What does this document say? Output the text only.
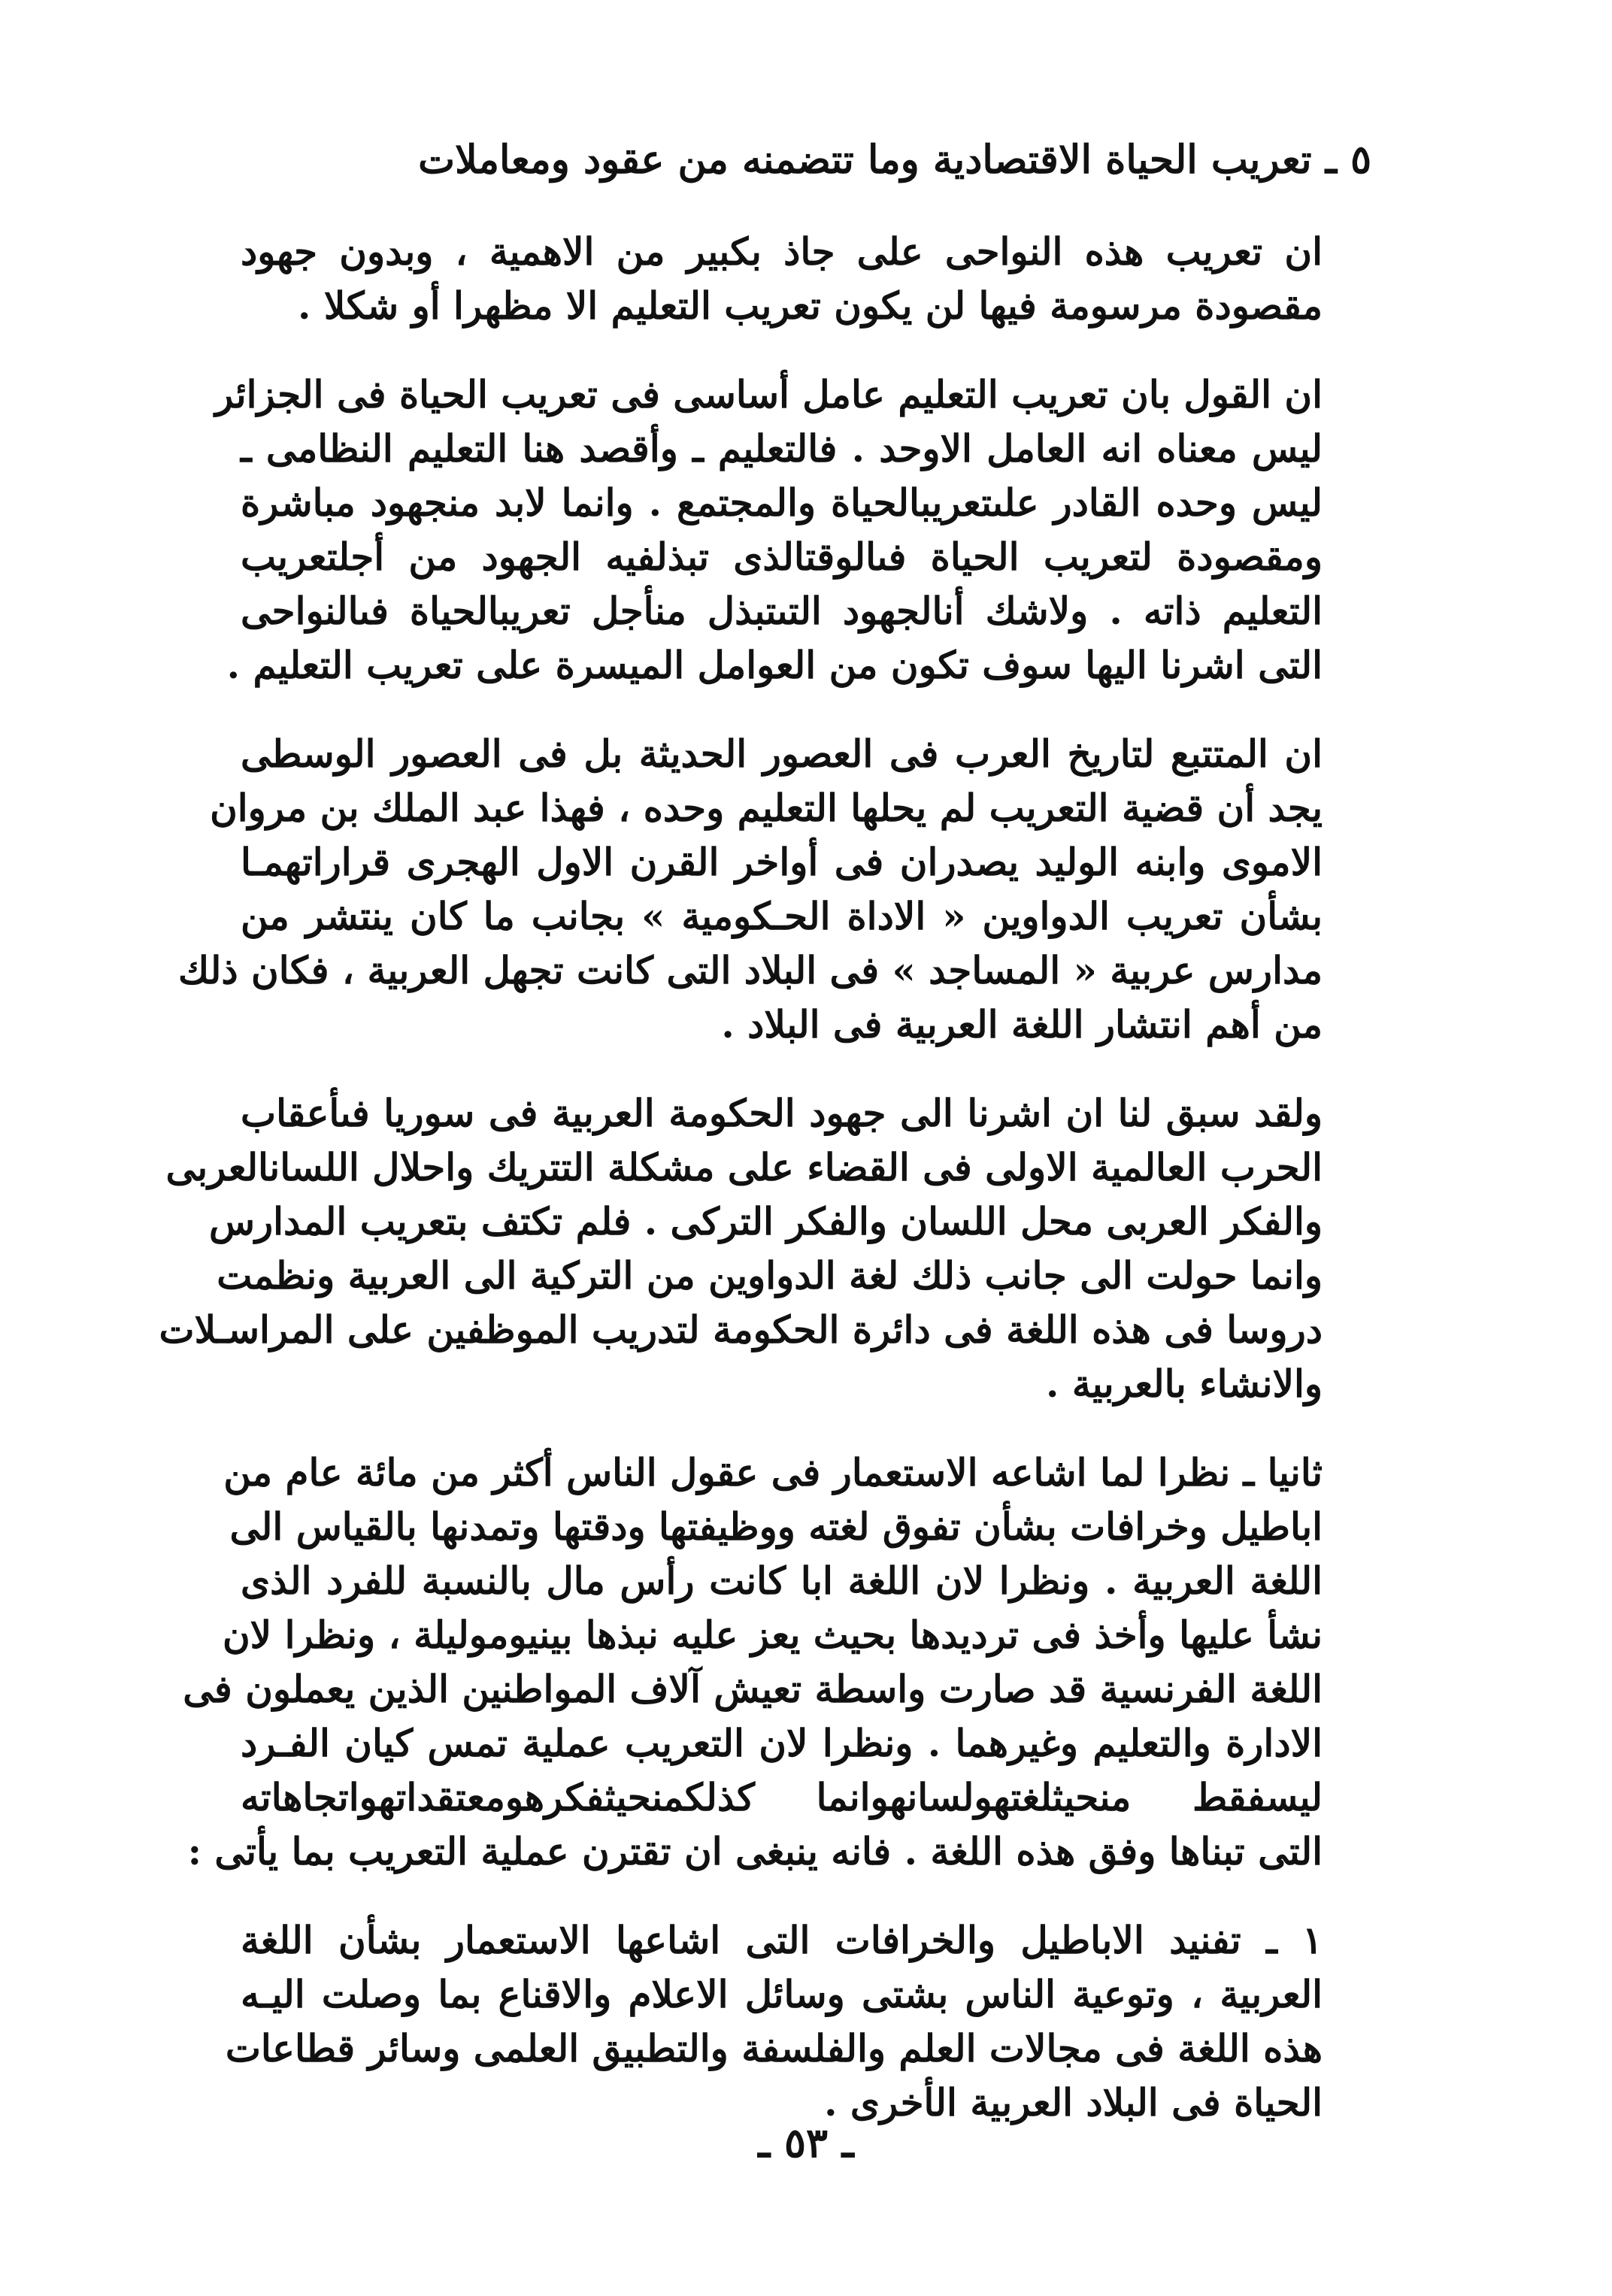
٥ ـ تعريب الحياة الاقتصادية وما تتضمنه من عقود ومعاملات
ان تعريب هذه النواحى على جاذ بكبير من الاهمية ، وبدون جهود
مقصودة مرسومة فيها لن يكون تعريب التعليم الا مظهرا أو شكلا .
ان القول بان تعريب التعليم عامل أساسى فى تعريب الحياة فى الجزائر
ليس معناه انه العامل الاوحد . فالتعليم ـ وأقصد هنا التعليم النظامى ـ
ليس وحده القادر علىتعريبالحياة والمجتمع . وانما لابد منجهود مباشرة
ومقصودة لتعريب الحياة فىالوقتالذى تبذلفيه الجهود من أجلتعريب
التعليم ذاته . ولاشك أنالجهود التىتبذل منأجل تعريبالحياة فىالنواحى
التى اشرنا اليها سوف تكون من العوامل الميسرة على تعريب التعليم .
ان المتتبع لتاريخ العرب فى العصور الحديثة بل فى العصور الوسطى
يجد أن قضية التعريب لم يحلها التعليم وحده ، فهذا عبد الملك بن مروان
الاموى وابنه الوليد يصدران فى أواخر القرن الاول الهجرى قراراتهمـا
بشأن تعريب الدواوين « الاداة الحـكومية » بجانب ما كان ينتشر من
مدارس عربية « المساجد » فى البلاد التى كانت تجهل العربية ، فكان ذلك
من أهم انتشار اللغة العربية فى البلاد .
ولقد سبق لنا ان اشرنا الى جهود الحكومة العربية فى سوريا فىأعقاب
الحرب العالمية الاولى فى القضاء على مشكلة التتريك واحلال اللسانالعربى
والفكر العربى محل اللسان والفكر التركى . فلم تكتف بتعريب المدارس
وانما حولت الى جانب ذلك لغة الدواوين من التركية الى العربية ونظمت
دروسا فى هذه اللغة فى دائرة الحكومة لتدريب الموظفين على المراسـلات
والانشاء بالعربية .
ثانيا ـ نظرا لما اشاعه الاستعمار فى عقول الناس أكثر من مائة عام من
اباطيل وخرافات بشأن تفوق لغته ووظيفتها ودقتها وتمدنها بالقياس الى
اللغة العربية . ونظرا لان اللغة ابا كانت رأس مال بالنسبة للفرد الذى
نشأ عليها وأخذ فى ترديدها بحيث يعز عليه نبذها بينيوموليلة ، ونظرا لان
اللغة الفرنسية قد صارت واسطة تعيش آلاف المواطنين الذين يعملون فى
الادارة والتعليم وغيرهما . ونظرا لان التعريب عملية تمس كيان الفـرد
ليسفقط منحيثلغتهولسانهوانما كذلكمنحيثفكرهومعتقداتهواتجاهاته
التى تبناها وفق هذه اللغة . فانه ينبغى ان تقترن عملية التعريب بما يأتى :
١ ـ تفنيد الاباطيل والخرافات التى اشاعها الاستعمار بشأن اللغة
العربية ، وتوعية الناس بشتى وسائل الاعلام والاقناع بما وصلت اليـه
هذه اللغة فى مجالات العلم والفلسفة والتطبيق العلمى وسائر قطاعات
الحياة فى البلاد العربية الأخرى .
ـ ٥٣ ـ
